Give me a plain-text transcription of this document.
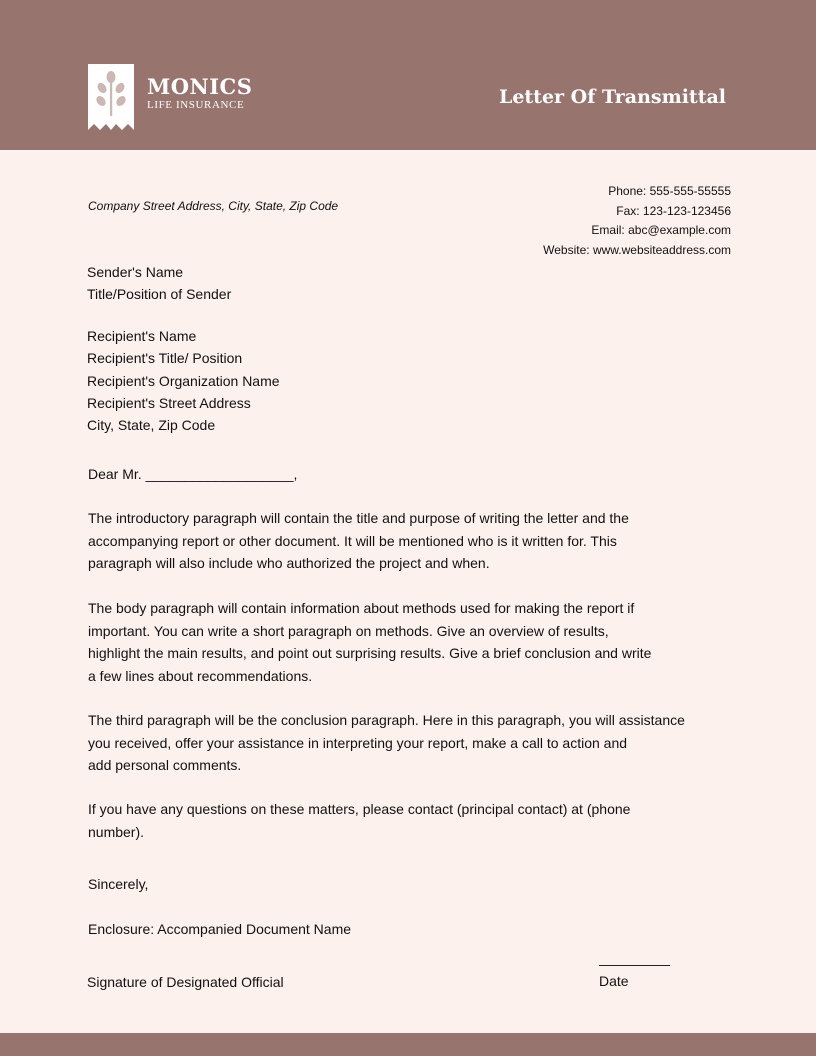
MONICS
LIFE INSURANCE	Letter Of Transmittal
Company Street Address, City, State, Zip Code
Phone: 555-555-55555
Fax: 123-123-123456
Email: abc@example.com
Website: www.websiteaddress.com
Sender's Name
Title/Position of Sender
Recipient's Name
Recipient's Title/ Position
Recipient's Organization Name
Recipient's Street Address
City, State, Zip Code
Dear Mr. ___________________,
The introductory paragraph will contain the title and purpose of writing the letter and the
accompanying report or other document. It will be mentioned who is it written for. This
paragraph will also include who authorized the project and when.
The body paragraph will contain information about methods used for making the report if
important. You can write a short paragraph on methods. Give an overview of results,
highlight the main results, and point out surprising results. Give a brief conclusion and write
a few lines about recommendations.
The third paragraph will be the conclusion paragraph. Here in this paragraph, you will assistance
you received, offer your assistance in interpreting your report, make a call to action and
add personal comments.
If you have any questions on these matters, please contact (principal contact) at (phone
number).
Sincerely,
Enclosure: Accompanied Document Name
Signature of Designated Official	Date
